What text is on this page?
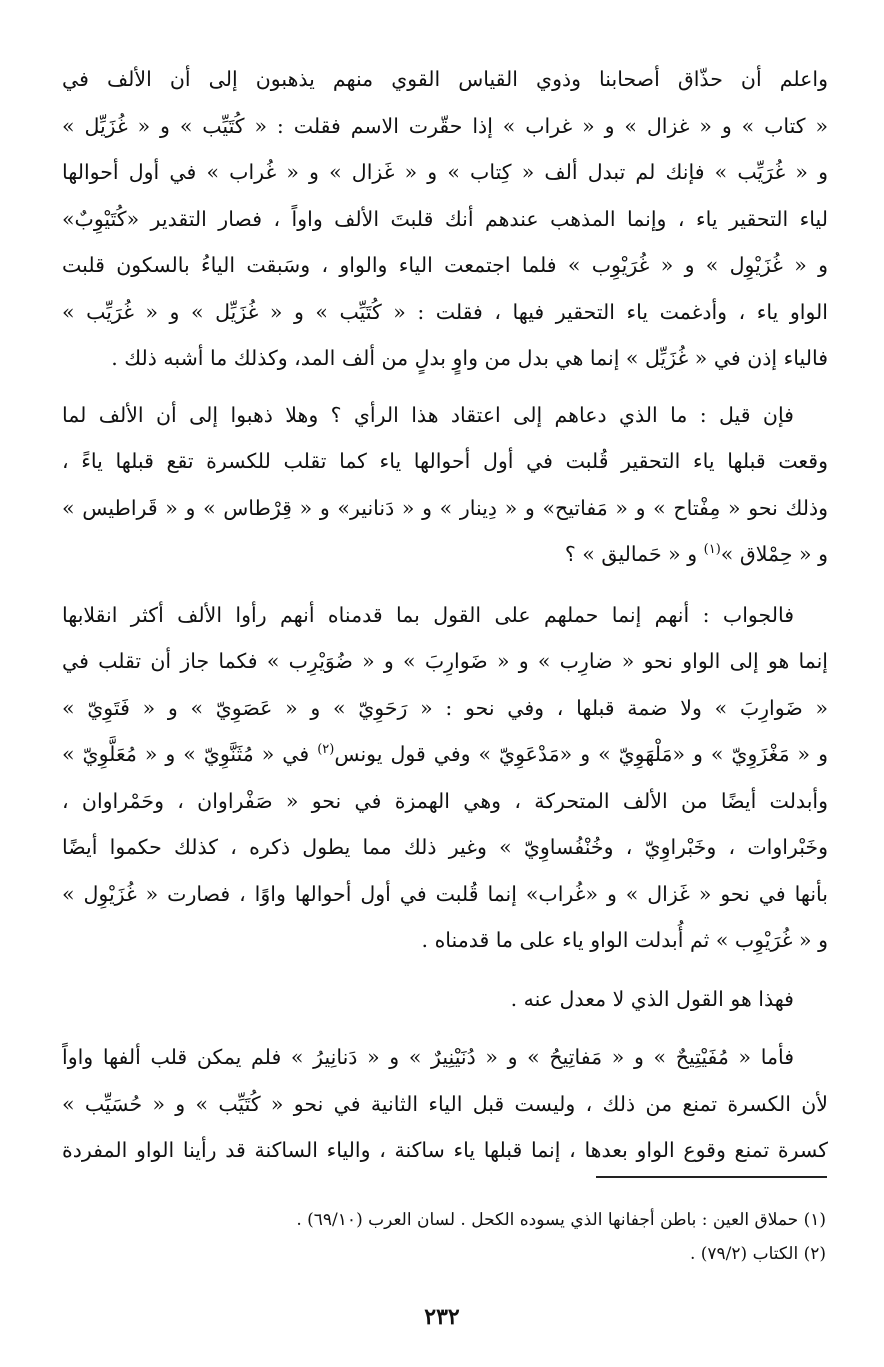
واعلم أن حذّاق أصحابنا وذوي القياس القوي منهم يذهبون إلى أن الألف في
« كتاب » و « غزال » و « غراب » إذا حقّرت الاسم فقلت : « كُتَيِّب » و « غُزَيِّل »
و « غُرَيِّب » فإنك لم تبدل ألف « كِتاب » و « غَزال » و « غُراب » في أول أحوالها
لياء التحقير ياء ، وإنما المذهب عندهم أنك قلبتَ الألف واواً ، فصار التقدير «كُتَيْوِبٌ»
و « غُزَيْوِل » و « غُرَيْوِب » فلما اجتمعت الياء والواو ، وسَبقت الياءُ بالسكون قلبت
الواو ياء ، وأدغمت ياء التحقير فيها ، فقلت : « كُتَيِّب » و « غُزَيِّل » و « غُرَيِّب »
فالياء إذن في « غُزَيِّل » إنما هي بدل من واوٍ بدلٍ من ألف المد، وكذلك ما أشبه ذلك .
فإن قيل : ما الذي دعاهم إلى اعتقاد هذا الرأي ؟ وهلا ذهبوا إلى أن الألف لما
وقعت قبلها ياء التحقير قُلبت في أول أحوالها ياء كما تقلب للكسرة تقع قبلها ياءً ،
وذلك نحو « مِفْتاح » و « مَفاتيح» و « دِينار » و « دَنانير» و « قِرْطاس » و « قَراطيس »
و « حِمْلاق »$^{(١)}$ و « حَماليق » ؟
فالجواب : أنهم إنما حملهم على القول بما قدمناه أنهم رأوا الألف أكثر انقلابها
إنما هو إلى الواو نحو « ضارِب » و « ضَوارِبَ » و « ضُوَيْرِب » فكما جاز أن تقلب في
« ضَوارِبَ » ولا ضمة قبلها ، وفي نحو : « رَحَوِيّ » و « عَصَوِيّ » و « فَتَوِيّ »
و « مَغْزَوِيّ » و «مَلْهَوِيّ » و «مَدْعَوِيّ » وفي قول يونس$^{(٢)}$ في « مُثَنَّوِيّ » و « مُعَلَّوِيّ »
وأبدلت أيضًا من الألف المتحركة ، وهي الهمزة في نحو « صَفْراوان ، وحَمْراوان ،
وخَبْراوات ، وخَبْراوِيّ ، وخُنْفُساوِيّ » وغير ذلك مما يطول ذكره ، كذلك حكموا أيضًا
بأنها في نحو « غَزال » و «غُراب» إنما قُلبت في أول أحوالها واوًا ، فصارت « غُزَيْوِل »
و « غُرَيْوِب » ثم أُبدلت الواو ياء على ما قدمناه .
فهذا هو القول الذي لا معدل عنه .
فأما « مُفَيْتِيحٌ » و « مَفاتِيحُ » و « دُنَيْنِيرٌ » و « دَنانِيرُ » فلم يمكن قلب ألفها واواً
لأن الكسرة تمنع من ذلك ، وليست قبل الياء الثانية في نحو « كُتَيِّب » و « حُسَيِّب »
كسرة تمنع وقوع الواو بعدها ، إنما قبلها ياء ساكنة ، والياء الساكنة قد رأينا الواو المفردة
(١) حملاق العين : باطن أجفانها الذي يسوده الكحل . لسان العرب (٦٩/١٠) .
(٢) الكتاب (٧٩/٢) .
٢٣٢
